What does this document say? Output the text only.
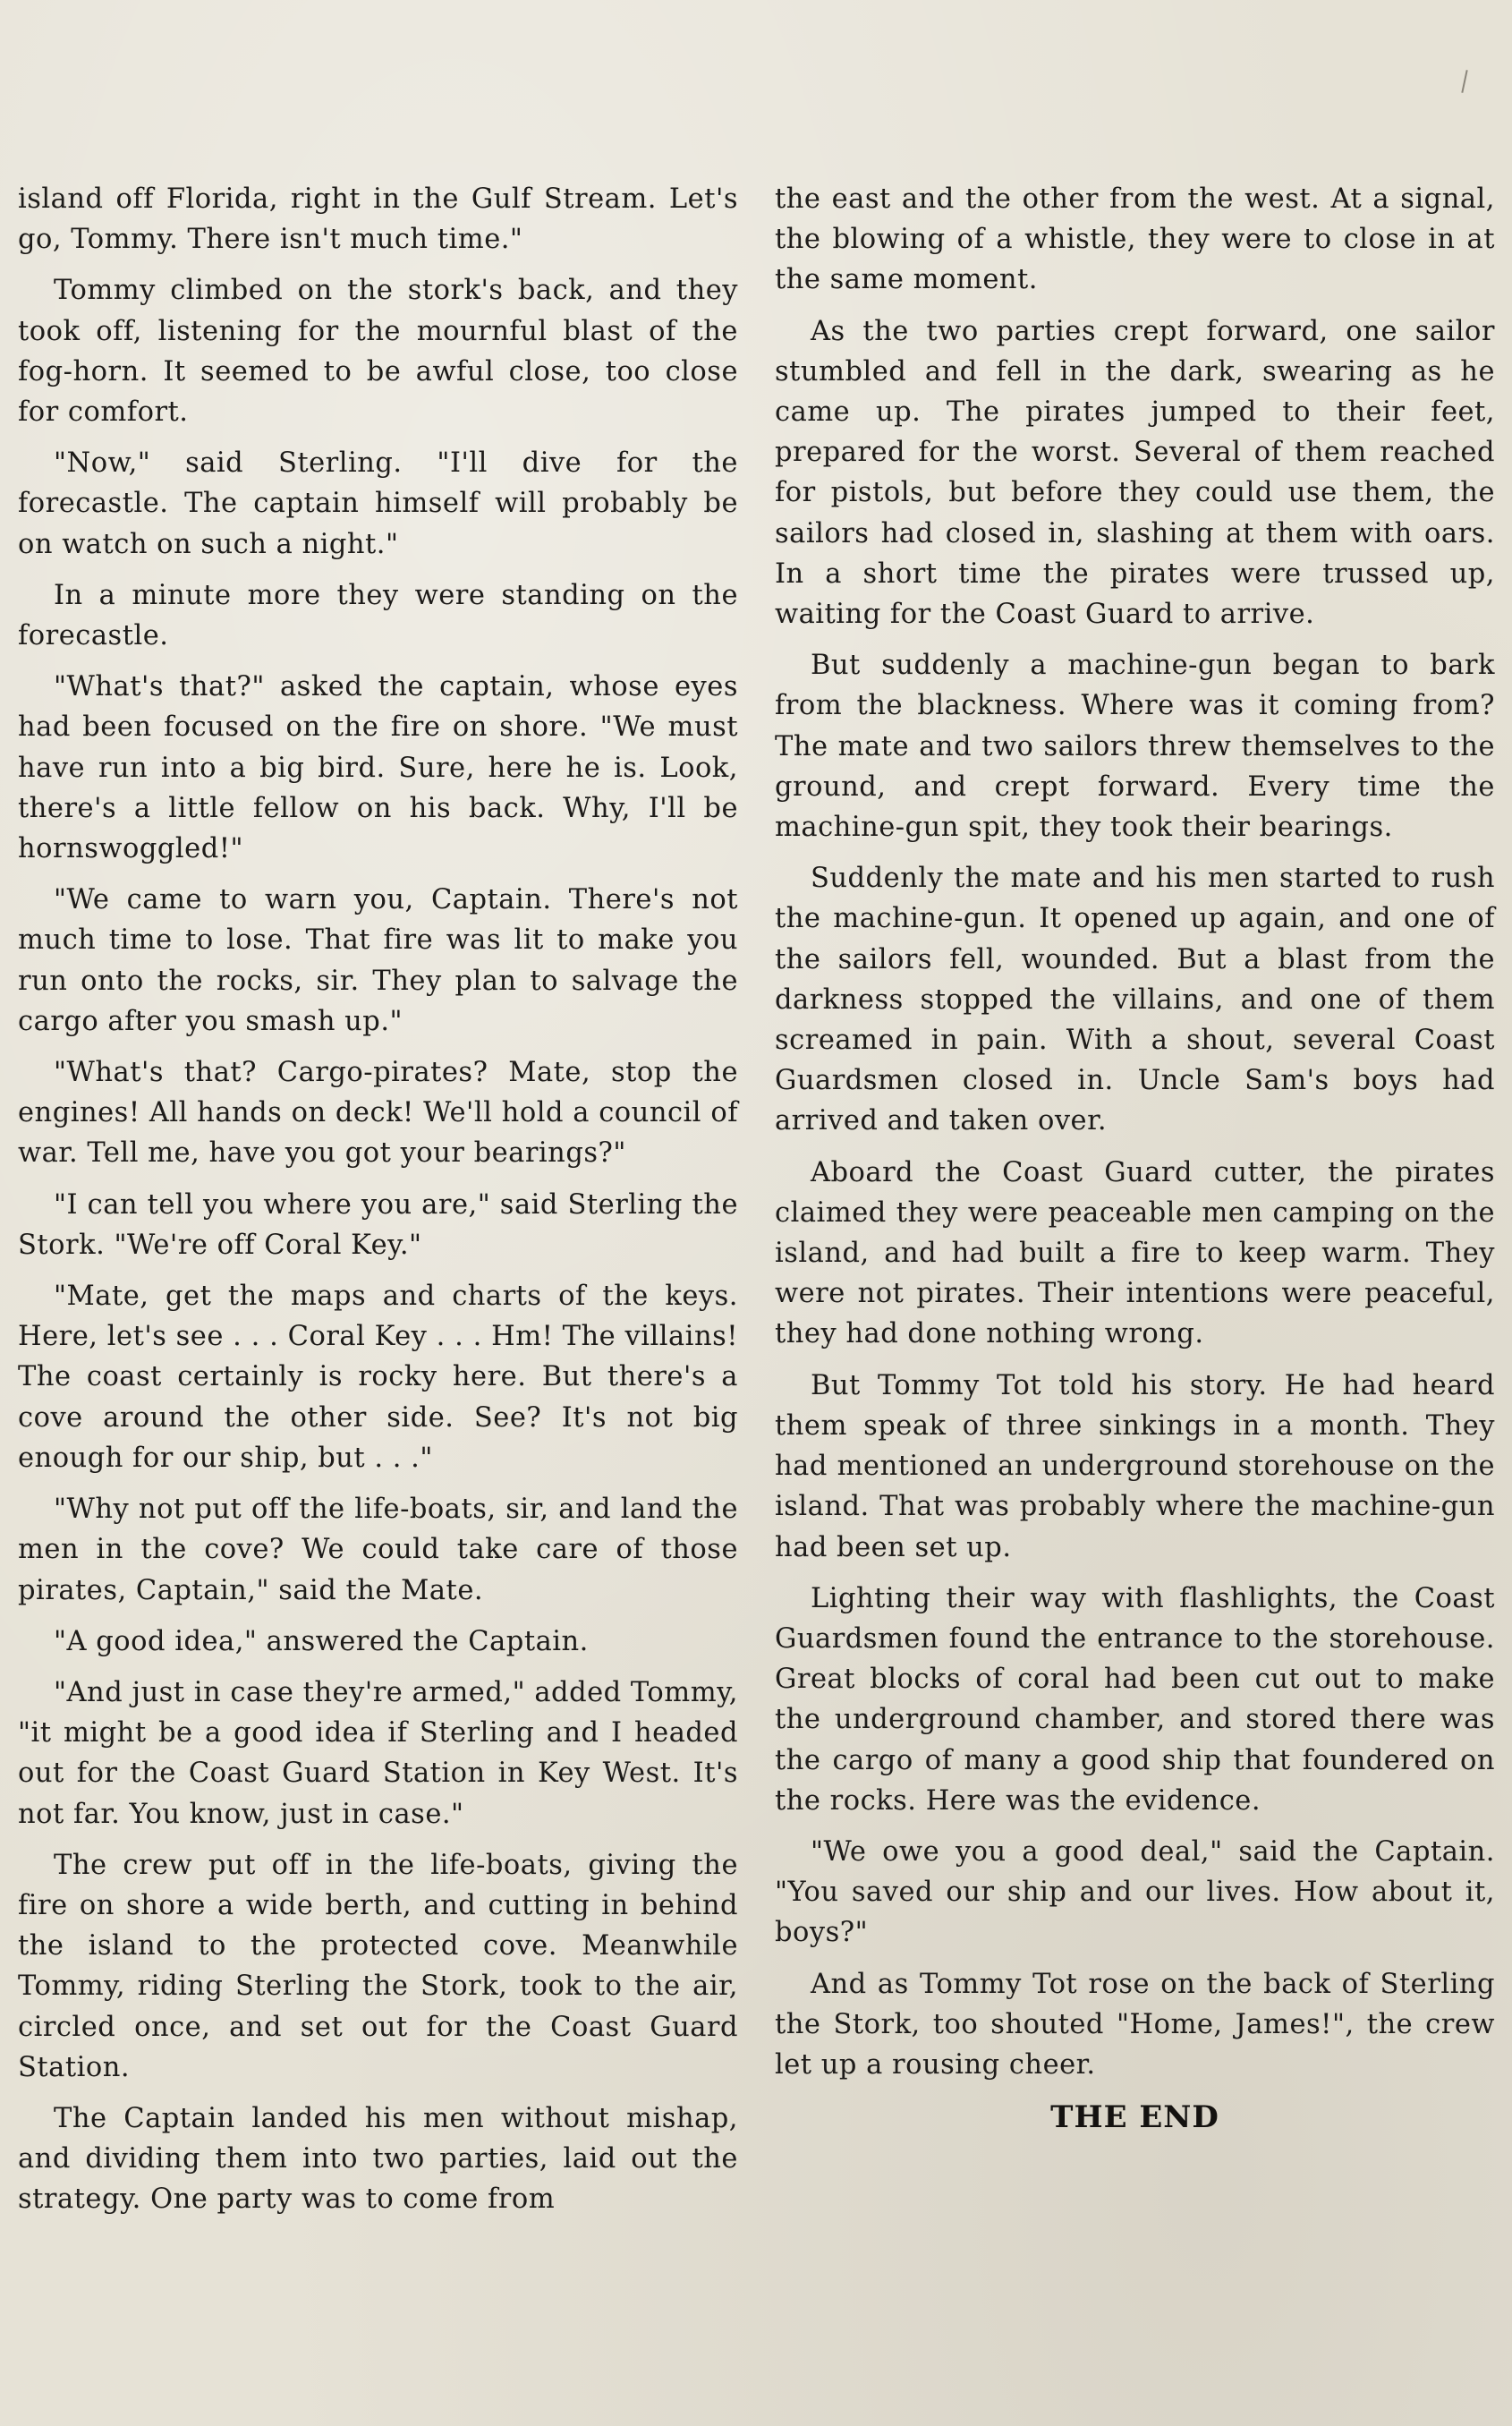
island off Florida, right in the Gulf Stream. Let's go, Tommy. There isn't much time."

Tommy climbed on the stork's back, and they took off, listening for the mournful blast of the fog-horn. It seemed to be awful close, too close for comfort.

"Now," said Sterling. "I'll dive for the forecastle. The captain himself will probably be on watch on such a night."

In a minute more they were standing on the forecastle.

"What's that?" asked the captain, whose eyes had been focused on the fire on shore. "We must have run into a big bird. Sure, here he is. Look, there's a little fellow on his back. Why, I'll be hornswoggled!"

"We came to warn you, Captain. There's not much time to lose. That fire was lit to make you run onto the rocks, sir. They plan to salvage the cargo after you smash up."

"What's that? Cargo-pirates? Mate, stop the engines! All hands on deck! We'll hold a council of war. Tell me, have you got your bearings?"

"I can tell you where you are," said Sterling the Stork. "We're off Coral Key."

"Mate, get the maps and charts of the keys. Here, let's see . . . Coral Key . . . Hm! The villains! The coast certainly is rocky here. But there's a cove around the other side. See? It's not big enough for our ship, but . . ."

"Why not put off the life-boats, sir, and land the men in the cove? We could take care of those pirates, Captain," said the Mate.

"A good idea," answered the Captain.

"And just in case they're armed," added Tommy, "it might be a good idea if Sterling and I headed out for the Coast Guard Station in Key West. It's not far. You know, just in case."

The crew put off in the life-boats, giving the fire on shore a wide berth, and cutting in behind the island to the protected cove. Meanwhile Tommy, riding Sterling the Stork, took to the air, circled once, and set out for the Coast Guard Station.

The Captain landed his men without mishap, and dividing them into two parties, laid out the strategy. One party was to come from

the east and the other from the west. At a signal, the blowing of a whistle, they were to close in at the same moment.

As the two parties crept forward, one sailor stumbled and fell in the dark, swearing as he came up. The pirates jumped to their feet, prepared for the worst. Several of them reached for pistols, but before they could use them, the sailors had closed in, slashing at them with oars. In a short time the pirates were trussed up, waiting for the Coast Guard to arrive.

But suddenly a machine-gun began to bark from the blackness. Where was it coming from? The mate and two sailors threw themselves to the ground, and crept forward. Every time the machine-gun spit, they took their bearings.

Suddenly the mate and his men started to rush the machine-gun. It opened up again, and one of the sailors fell, wounded. But a blast from the darkness stopped the villains, and one of them screamed in pain. With a shout, several Coast Guardsmen closed in. Uncle Sam's boys had arrived and taken over.

Aboard the Coast Guard cutter, the pirates claimed they were peaceable men camping on the island, and had built a fire to keep warm. They were not pirates. Their intentions were peaceful, they had done nothing wrong.

But Tommy Tot told his story. He had heard them speak of three sinkings in a month. They had mentioned an underground storehouse on the island. That was probably where the machine-gun had been set up.

Lighting their way with flashlights, the Coast Guardsmen found the entrance to the storehouse. Great blocks of coral had been cut out to make the underground chamber, and stored there was the cargo of many a good ship that foundered on the rocks. Here was the evidence.

"We owe you a good deal," said the Captain. "You saved our ship and our lives. How about it, boys?"

And as Tommy Tot rose on the back of Sterling the Stork, too shouted "Home, James!", the crew let up a rousing cheer.

THE END
